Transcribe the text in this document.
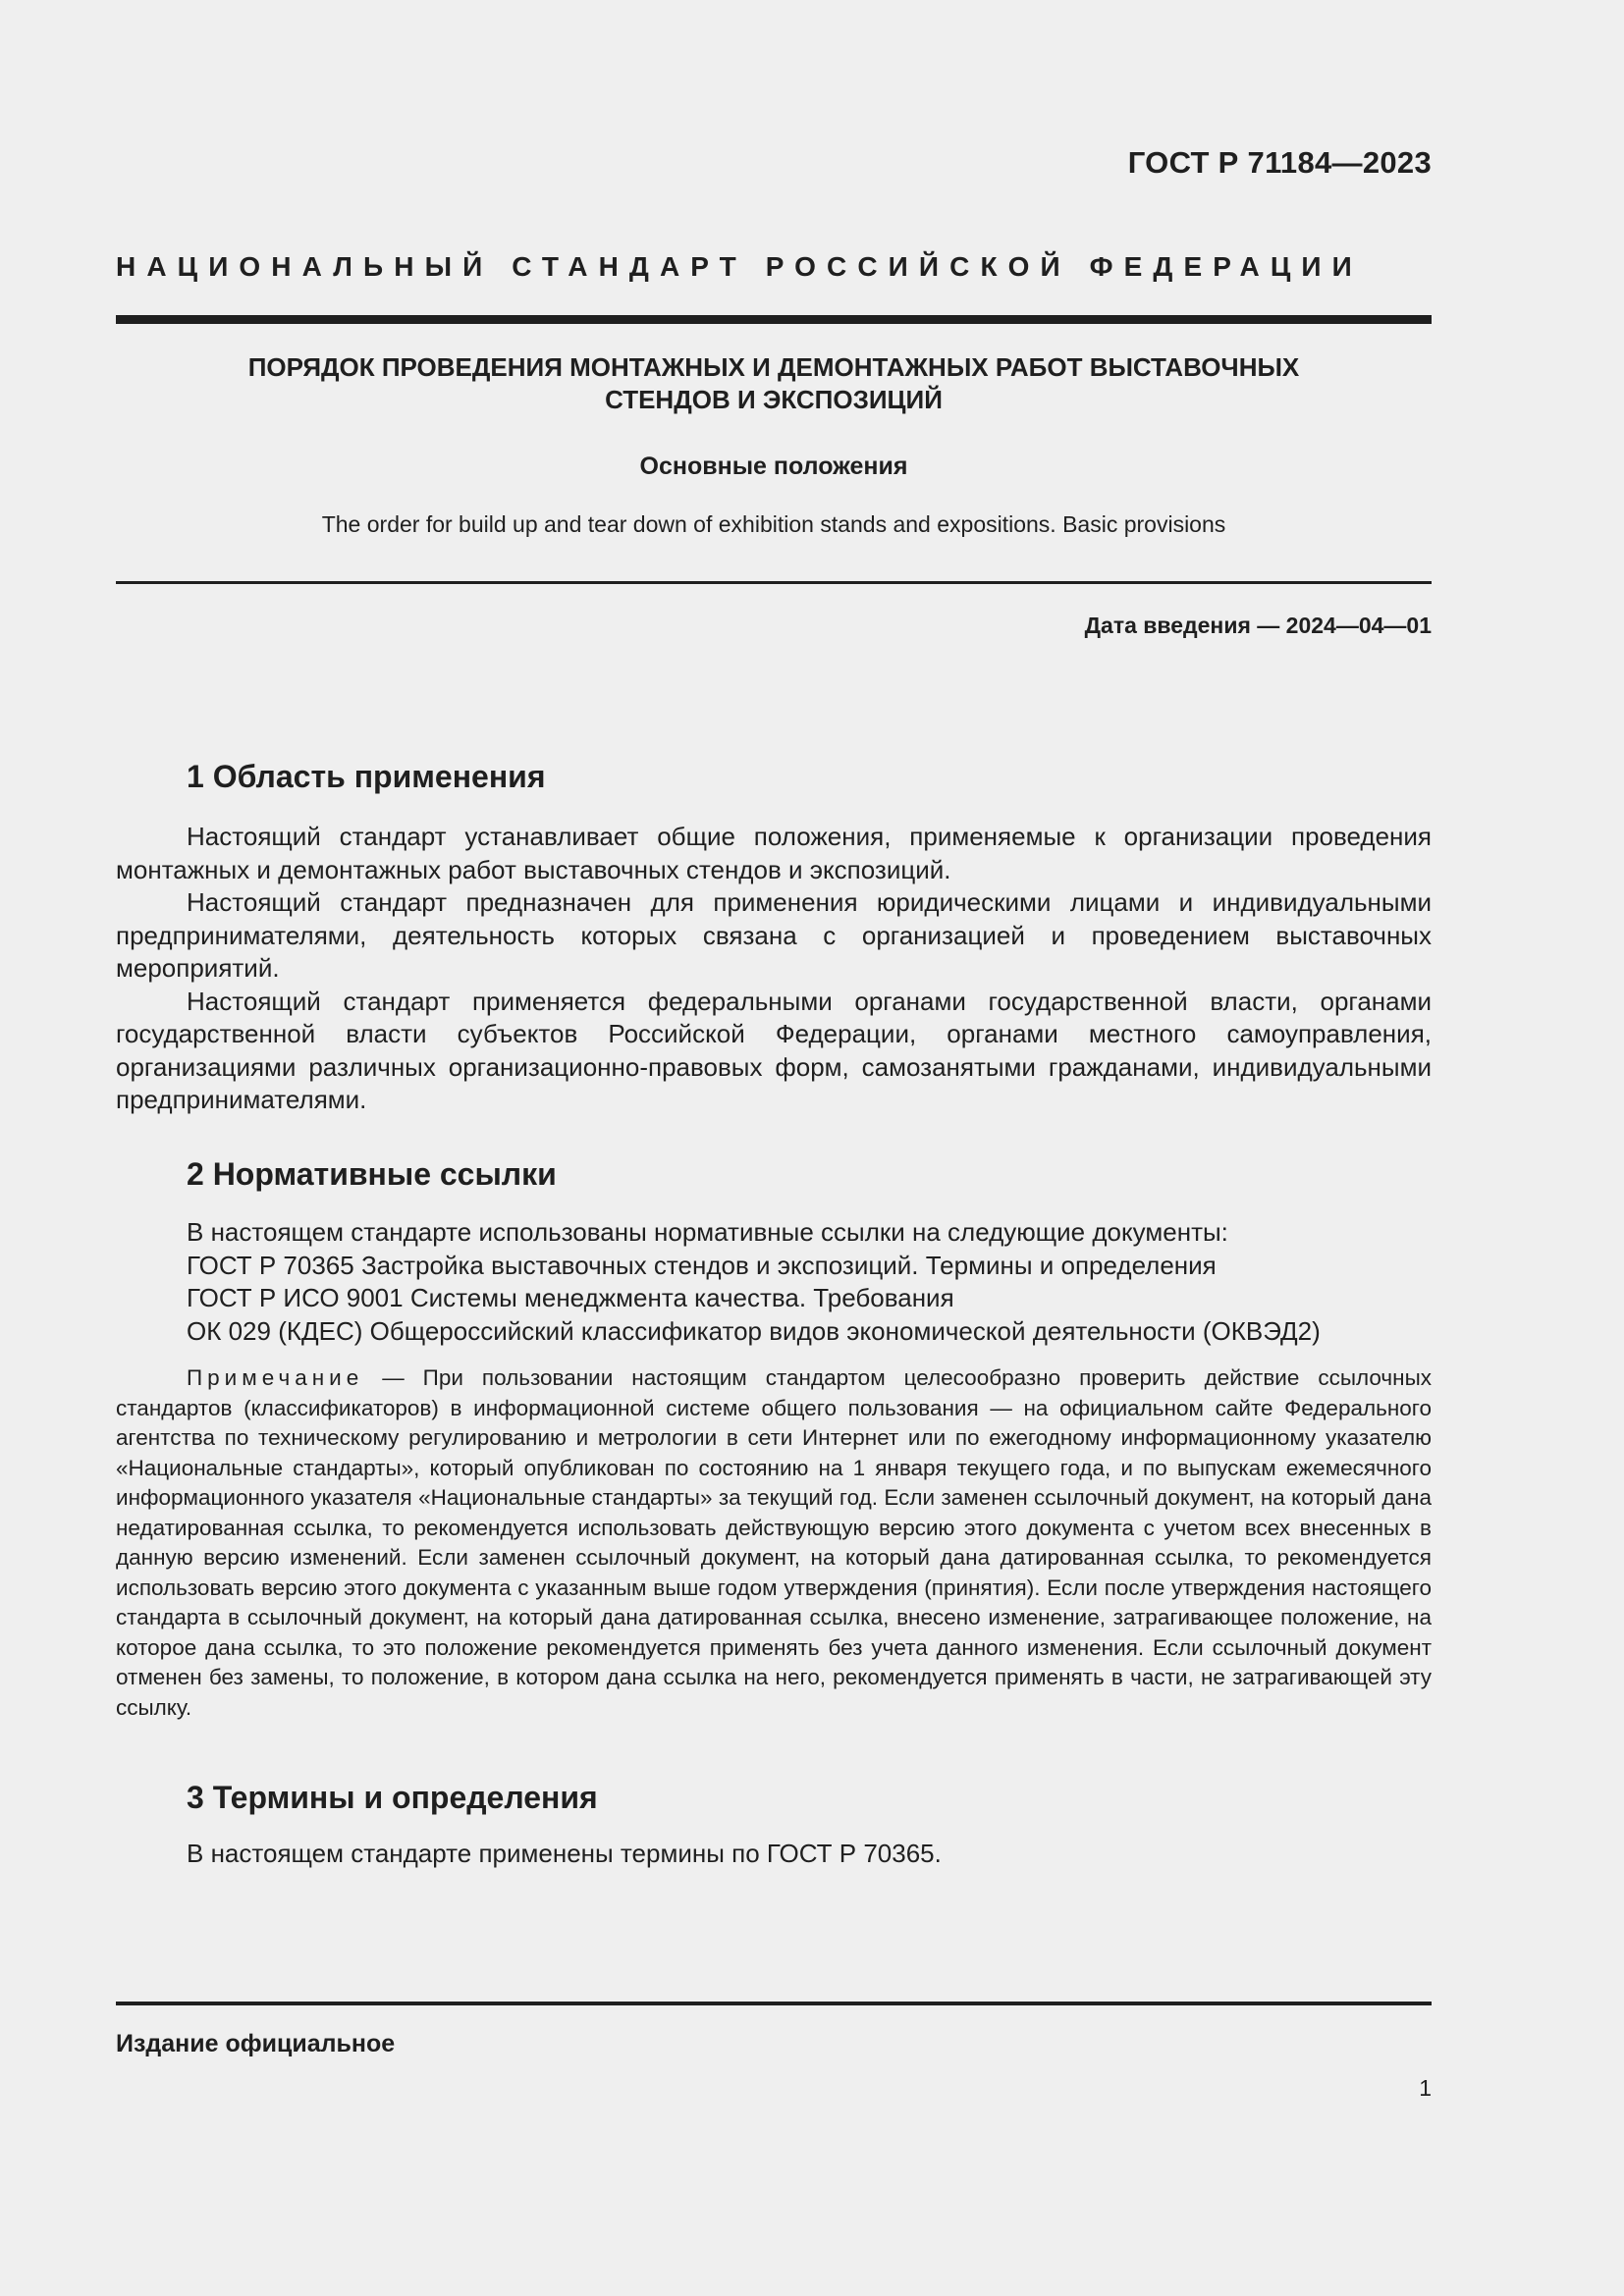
ГОСТ Р 71184—2023
НАЦИОНАЛЬНЫЙ СТАНДАРТ РОССИЙСКОЙ ФЕДЕРАЦИИ
ПОРЯДОК ПРОВЕДЕНИЯ МОНТАЖНЫХ И ДЕМОНТАЖНЫХ РАБОТ ВЫСТАВОЧНЫХ
СТЕНДОВ И ЭКСПОЗИЦИЙ
Основные положения
The order for build up and tear down of exhibition stands and expositions. Basic provisions
Дата введения — 2024—04—01
1 Область применения

Настоящий стандарт устанавливает общие положения, применяемые к организации проведения монтажных и демонтажных работ выставочных стендов и экспозиций.

Настоящий стандарт предназначен для применения юридическими лицами и индивидуальными предпринимателями, деятельность которых связана с организацией и проведением выставочных мероприятий.

Настоящий стандарт применяется федеральными органами государственной власти, органами государственной власти субъектов Российской Федерации, органами местного самоуправления, организациями различных организационно-правовых форм, самозанятыми гражданами, индивидуальными предпринимателями.

2 Нормативные ссылки
В настоящем стандарте использованы нормативные ссылки на следующие документы:
ГОСТ Р 70365 Застройка выставочных стендов и экспозиций. Термины и определения
ГОСТ Р ИСО 9001 Системы менеджмента качества. Требования
ОК 029 (КДЕС) Общероссийский классификатор видов экономической деятельности (ОКВЭД2)
Примечание — При пользовании настоящим стандартом целесообразно проверить действие ссылочных стандартов (классификаторов) в информационной системе общего пользования — на официальном сайте Федерального агентства по техническому регулированию и метрологии в сети Интернет или по ежегодному информационному указателю «Национальные стандарты», который опубликован по состоянию на 1 января текущего года, и по выпускам ежемесячного информационного указателя «Национальные стандарты» за текущий год. Если заменен ссылочный документ, на который дана недатированная ссылка, то рекомендуется использовать действующую версию этого документа с учетом всех внесенных в данную версию изменений. Если заменен ссылочный документ, на который дана датированная ссылка, то рекомендуется использовать версию этого документа с указанным выше годом утверждения (принятия). Если после утверждения настоящего стандарта в ссылочный документ, на который дана датированная ссылка, внесено изменение, затрагивающее положение, на которое дана ссылка, то это положение рекомендуется применять без учета данного изменения. Если ссылочный документ отменен без замены, то положение, в котором дана ссылка на него, рекомендуется применять в части, не затрагивающей эту ссылку.
3 Термины и определения

В настоящем стандарте применены термины по ГОСТ Р 70365.

Издание официальное
1
